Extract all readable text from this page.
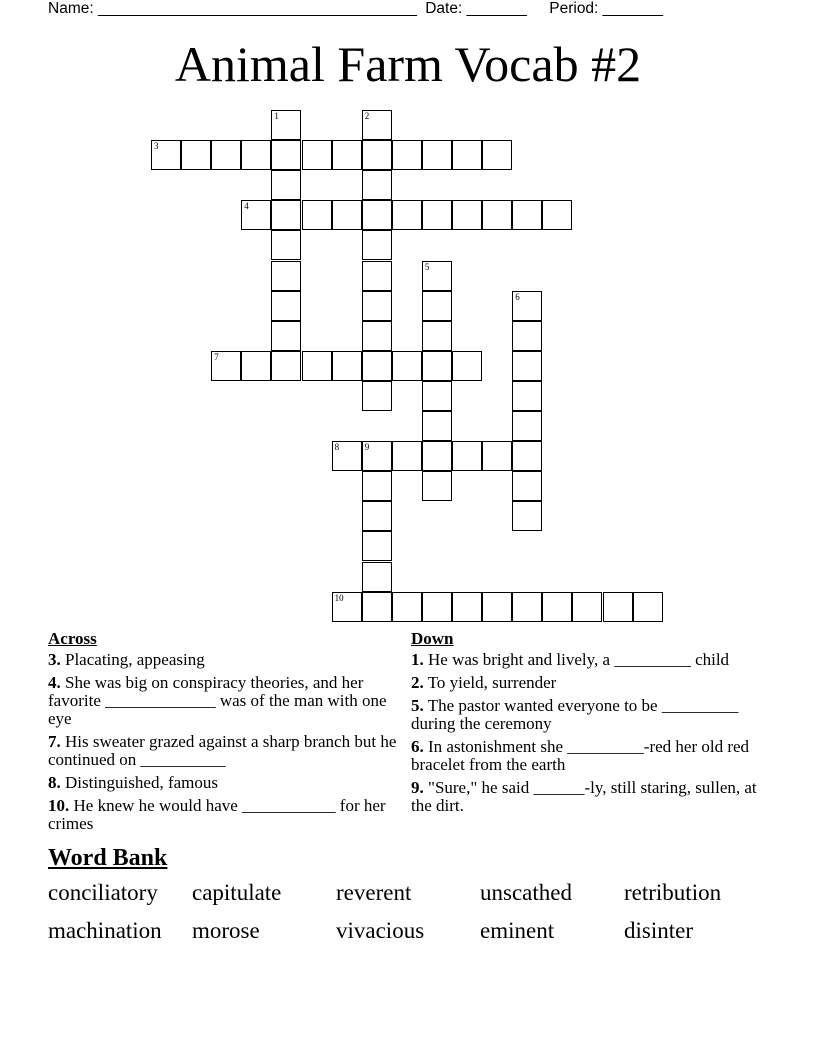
Name: _____________________________________ Date: _______ Period: _______
Animal Farm Vocab #2
1	2
3
4
5
6
7
8	9
10
Across
3. Placating, appeasing
4. She was big on conspiracy theories, and her favorite _____________ was of the man with one eye
7. His sweater grazed against a sharp branch but he continued on __________
8. Distinguished, famous
10. He knew he would have ___________ for her crimes
Down
1. He was bright and lively, a _________ child
2. To yield, surrender
5. The pastor wanted everyone to be _________ during the ceremony
6. In astonishment she _________-red her old red bracelet from the earth
9. "Sure," he said ______-ly, still staring, sullen, at the dirt.
Word Bank
conciliatory capitulate reverent	unscathed retribution
machination morose	vivacious eminent	disinter
